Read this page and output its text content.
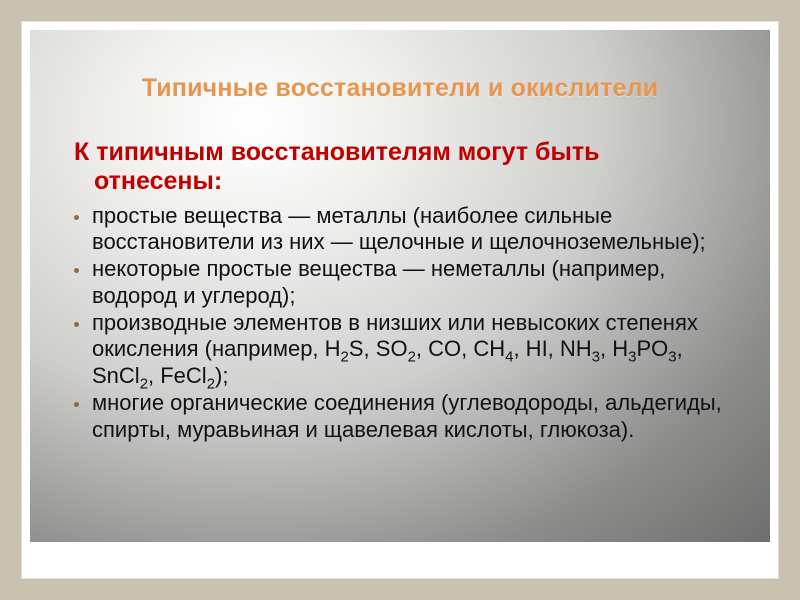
Типичные восстановители и окислители

К типичным восстановителям могут быть
отнесены:

простые вещества — металлы (наиболее сильные восстановители из них — щелочные и щелочноземельные);
некоторые простые вещества — неметаллы (например, водород и углерод);
производные элементов в низших или невысоких степенях окисления (например, $H_2S$, $SO_2$, CO, $CH_4$, HI, $NH_3$, $H_3PO_3$, SnCl$_2$, FeCl$_2$);
многие органические соединения (углеводороды, альдегиды, спирты, муравьиная и щавелевая кислоты, глюкоза).
